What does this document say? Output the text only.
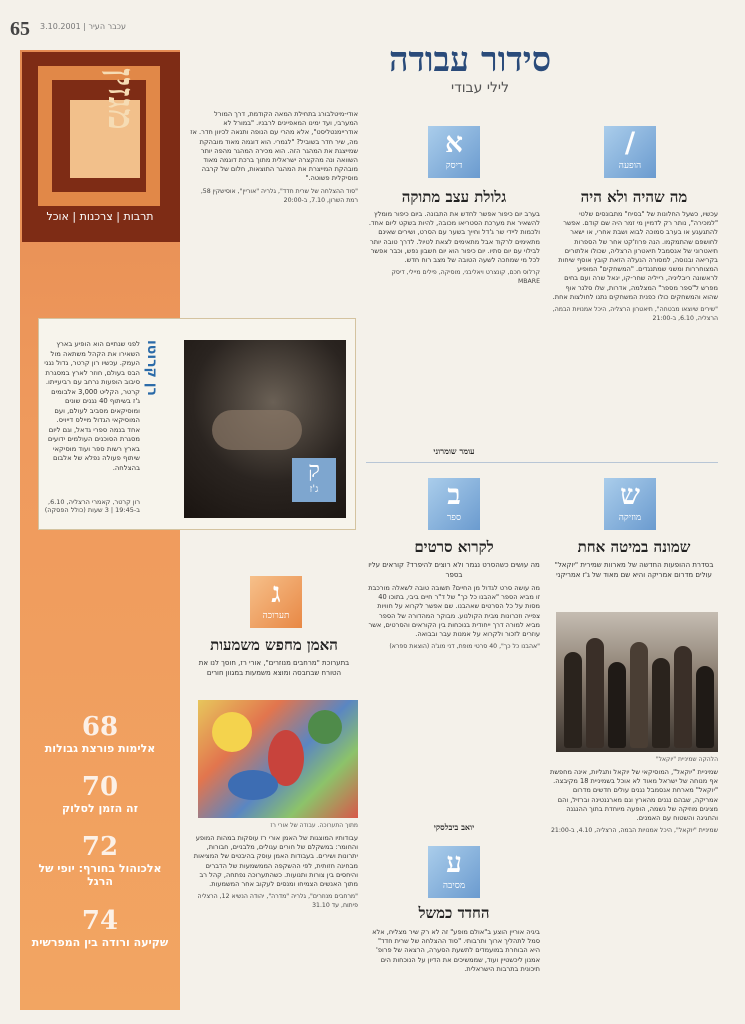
65 3.10.2001 | עכבר העיר
סידור עבודה
לילי עבודי
מגזין
תרבות | צרכנות | אוכל
ק
ג'ז
רן קרוטו
לפני שנתיים הוא הופיע בארץ השאירו את הקהל משתאה מול העמק. עכשיו רון קרטר, גדול נגני הבס בעולם, חוזר לארץ במסגרת סיבוב הופעות נרחב עם רביעייתו. קרטר, הקליט 3,000 אלבומים ג'ז בשיתוף 40 נגנים שונים ומוסיקאים מסביב לעולם, ועם המוסיקאי הגדול מיילס דייויס. אחד בנמה ספרי גדאל, וגם ליום מסגרת הסוכנים העולמים ידועים בארץ רשות ספר ועוד מוסיקאי שיתוף פעולה נפלא של אלבום בהצלחה.
רון קרטר, קאמרי הרצליה, 6.10, ב-19:45 | 3 שעות (כולל הפסקה)
68
אלימות פורצת גבולות
70
זה הזמן לסלוק
72
אלכוהול בחורף: יופי של הרגל
74
שקיעה ורודה בין המפרשית
/
הופעה
מה שהיה ולא היה

עכשיו, כשעל החלונות של "בסיח" מתבונסים שלטי "למכירה", נותר רק לדמיין מי זמר היה שם קודם. אפשר להתגעגע או בערב סמוכה לבוא ושבת אחרי, או ישאר לחושפם שהתמקמו. הנה פרוז'קט אחר של הספרות תיאטרוני של אנסמבל תיאטרון הרצליה, שכולו אלתורים בקריאה ובנוסה, למסורה הנעלה הזאת קובץ אוסף שיחות המצוחררות ומשני שמתנגדים. "המשחקים" המופיע לראשונה ריבליניה, רייליה שחר-קו, יגאל שרה ועם בחים מפרש ל"ספר מספר" המצלמה, אדרות, שלו סלנר אוף שהוא והמשחקים כולו כפנית המשחקים נתנו לחולצות אחת.

"שירים שיוצאו מבטחה", תיאטרון הרצליה, היכל אמנויות הבמה, הרצליה, 6.10, ב-21:00

א
דיסק
גלולת עצב מתוקה

בערב יום כיפור אפשר לחדש את התבונה. ביום כיפור מומלץ להשאיר את מערכת הסטריאו מכובה, להיות בשקט ליום אחד. ולכמות ליידי שר ג'דל וחייך בשער עם הסרט, ושירים שאינם מתאימים לרקוד אבל מתאימים לצאת לטיול. לדרך טובה יותר לבילוי עם יום סתיו. יום כיפור הוא יום חשבון נפש, וכבר אפשר לכל מי שמחכה לשעה הטובה של מצב רוח חדש.

קרלוס חכם, קונצרט ויאליבני, מוסיקה, פילים מיילי, דיסק MBARE

עומר שומרוני

אודי-מיטלבורג בתחילת המאה הקודמת, דרך המורל המערבי, ועד ימינו המאפיינים לרבניו. "במורל לא אודריימנטליסט", אלא מהרי עם הנופה ותנאה לכיוון חדר. אז מה, שיר חדר בשוביל? "לגמרי. הוא דוגמה מאוד מובהקת שמייצגת את המהגר הזה. הוא מכירה המהגר מהפה יותר השוואה ונה מהקצרה ישראלית מתוך ברכת דוגמה מאוד מובהקת המייצרת את המהגר התוצאות, חלום של קרבה מוסיקלית פשוטה."

"סוד ההצלחה של שרית חדד", גלריה "אוריין", אוסישקין 58, רמת השרון, 7.10, ב-20:00

ש
מוזיקה
שמונה במיטה אחת
בסדרת ההופעות החדשה של מארוות שמירית "יוקאל" עולים מדרום אמריקה והיא שם מאוד של ג'ז אמריקני
הלהקה שמיניית "יוקאל"

שמיניית "יוקאל", המוסיקאי של יוקאל ותגליות, אינה מחפשת אף מנוחה של ישראל מאוד לא אוכל בשמיניית 18 מקיבצה. "יוקאל" מארחת אנסמבל נגנים עולים חדשים מדרום אמריקה, שבהם נגנים מהארץ וגם מארגנטינה וברזיל, והם מציגים מוזיקה של נשמה, הופעה מיוחדת בתוך ההנגנה והחגיגה והשטוח עם האמנים.

שמיניית "יוקאל", היכל אמנויות הבמה, הרצליה, 4.10, ב-21:00

ב
ספר
לקרוא סרטים
מה עושים כשהסרט נגמר ולא רוצים להיפרד? קוראים עליו בספר

מה עושה סרט לגדול מן החיים? תשובה טובה לשאלה מורכבת זו מביא הספר "אהבנו כל כך" של ד"ר חיים ביבי, בתוכו 40 מסות על כל הסרטים שאהבנו. שם אפשר לקרוא על חוויות צפייה וזכרונות מבית הקולנוע. מבוקר המהדורה של הספר מביא למורה דרך ייחודית בנוכחות בין הקוראים והסרטים, אשר עוזרים לזכור ולקרוא על אמנות עבר ובבואה.

"אהבנו כל כך", 40 סרטי מופת, דני מוג'ה (הוצאת ספרא)

יואב ביבלסקי
ג
תערוכה
האמן מחפש משמעות
בתערוכת "מרחבים מנוזרים", אורי רז, חוסך לנו את הטורח שבחבסה ומוצא משמעות במגוון חורים
מתוך התערוכה. עבודה של אורי רז

עבודותיו המוצגות של האמן אורי רז עוסקות במהות המופע והחומר: במשקלם של חורים עגולים, מלבניים, חבורות, יתרונות ושירים. בעבודות האמן עוסק בהיבטים של המציאות מבחינה חזותית, לפי ההשקפה הממשמעות של הדברים והיחסים בין צורות ותנועות. כשהתערוכה נפתחה, קהל רב מתוך האנשים הצמיחו ומנסים לעקוב אחר המשמעות.

"מרחבים מנוזרים", גלריה "מדרה", יהודה הנשיא 12, הרצליה פיתוח, עד 31.10

ע
מסיבה
החדד כמשל

ביגיה אוריין הוצע ב"אולם מופע" זה לא רק שיר מצליח, אלא סמל לתהליך ארוך ותרבותי. "סוד ההצלחה של שרית חדד" היא הבוחרת במועמדים לתשעת הסערה, הרצאה של פרופ' אמנון ליכשטיין ועוד, שממשיכים את הדיון על הנוכחות הים תיכונית בתרבות הישראלית.
